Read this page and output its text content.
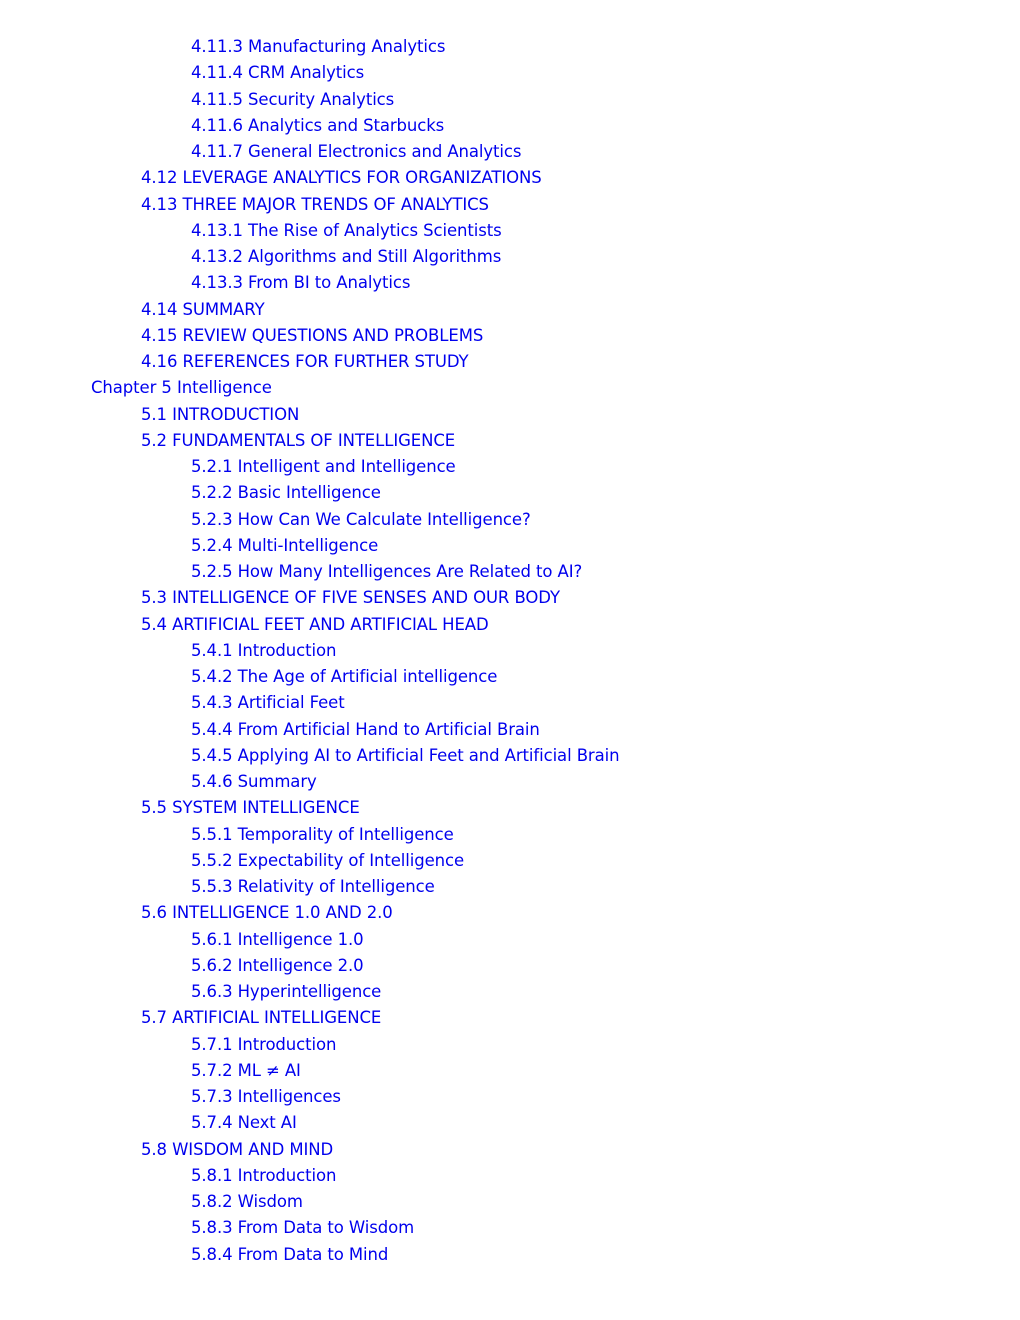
4.11.3 Manufacturing Analytics
4.11.4 CRM Analytics
4.11.5 Security Analytics
4.11.6 Analytics and Starbucks
4.11.7 General Electronics and Analytics
4.12 LEVERAGE ANALYTICS FOR ORGANIZATIONS
4.13 THREE MAJOR TRENDS OF ANALYTICS
4.13.1 The Rise of Analytics Scientists
4.13.2 Algorithms and Still Algorithms
4.13.3 From BI to Analytics
4.14 SUMMARY
4.15 REVIEW QUESTIONS AND PROBLEMS
4.16 REFERENCES FOR FURTHER STUDY
Chapter 5 Intelligence
5.1 INTRODUCTION
5.2 FUNDAMENTALS OF INTELLIGENCE
5.2.1 Intelligent and Intelligence
5.2.2 Basic Intelligence
5.2.3 How Can We Calculate Intelligence?
5.2.4 Multi-Intelligence
5.2.5 How Many Intelligences Are Related to AI?
5.3 INTELLIGENCE OF FIVE SENSES AND OUR BODY
5.4 ARTIFICIAL FEET AND ARTIFICIAL HEAD
5.4.1 Introduction
5.4.2 The Age of Artificial intelligence
5.4.3 Artificial Feet
5.4.4 From Artificial Hand to Artificial Brain
5.4.5 Applying AI to Artificial Feet and Artificial Brain
5.4.6 Summary
5.5 SYSTEM INTELLIGENCE
5.5.1 Temporality of Intelligence
5.5.2 Expectability of Intelligence
5.5.3 Relativity of Intelligence
5.6 INTELLIGENCE 1.0 AND 2.0
5.6.1 Intelligence 1.0
5.6.2 Intelligence 2.0
5.6.3 Hyperintelligence
5.7 ARTIFICIAL INTELLIGENCE
5.7.1 Introduction
5.7.2 ML ≠ AI
5.7.3 Intelligences
5.7.4 Next AI
5.8 WISDOM AND MIND
5.8.1 Introduction
5.8.2 Wisdom
5.8.3 From Data to Wisdom
5.8.4 From Data to Mind
